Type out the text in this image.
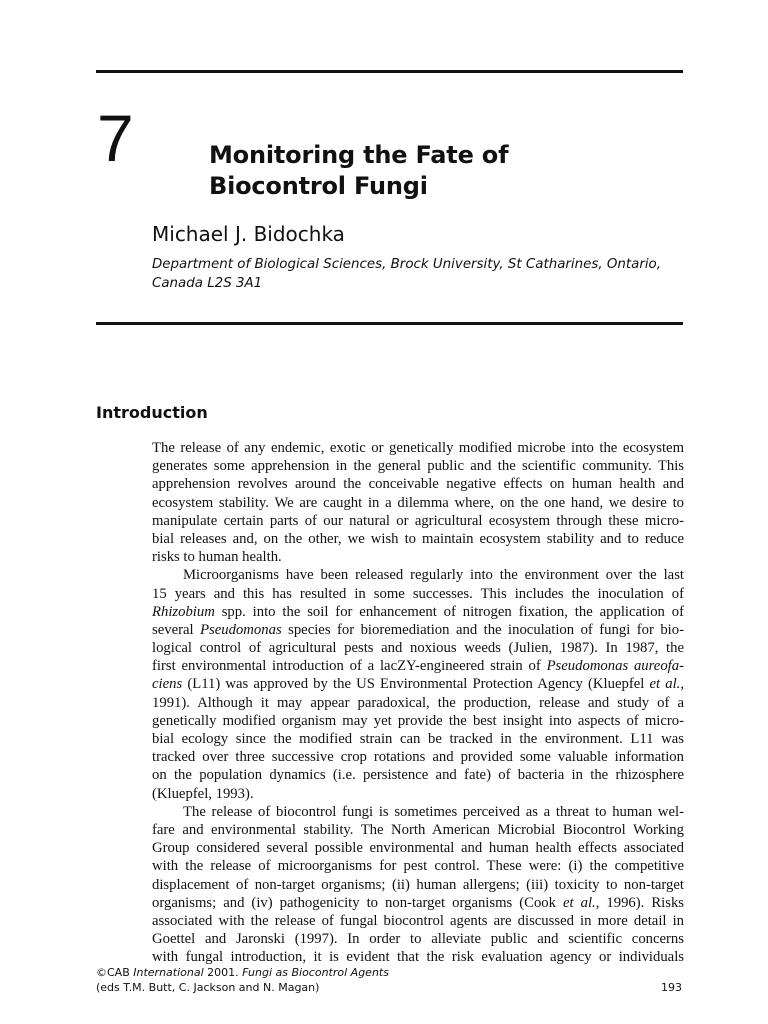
7	Monitoring the Fate of
Biocontrol Fungi
Michael J. Bidochka
Department of Biological Sciences, Brock University, St Catharines, Ontario,
Canada L2S 3A1
Introduction
The release of any endemic, exotic or genetically modified microbe into the ecosystem
generates some apprehension in the general public and the scientific community. This
apprehension revolves around the conceivable negative effects on human health and
ecosystem stability. We are caught in a dilemma where, on the one hand, we desire to
manipulate certain parts of our natural or agricultural ecosystem through these micro-
bial releases and, on the other, we wish to maintain ecosystem stability and to reduce
risks to human health.
Microorganisms have been released regularly into the environment over the last
15 years and this has resulted in some successes. This includes the inoculation of
Rhizobium spp. into the soil for enhancement of nitrogen fixation, the application of
several Pseudomonas species for bioremediation and the inoculation of fungi for bio-
logical control of agricultural pests and noxious weeds (Julien, 1987). In 1987, the
first environmental introduction of a lacZY-engineered strain of Pseudomonas aureofa-
ciens (L11) was approved by the US Environmental Protection Agency (Kluepfel et al.,
1991). Although it may appear paradoxical, the production, release and study of a
genetically modified organism may yet provide the best insight into aspects of micro-
bial ecology since the modified strain can be tracked in the environment. L11 was
tracked over three successive crop rotations and provided some valuable information
on the population dynamics (i.e. persistence and fate) of bacteria in the rhizosphere
(Kluepfel, 1993).
The release of biocontrol fungi is sometimes perceived as a threat to human wel-
fare and environmental stability. The North American Microbial Biocontrol Working
Group considered several possible environmental and human health effects associated
with the release of microorganisms for pest control. These were: (i) the competitive
displacement of non-target organisms; (ii) human allergens; (iii) toxicity to non-target
organisms; and (iv) pathogenicity to non-target organisms (Cook et al., 1996). Risks
associated with the release of fungal biocontrol agents are discussed in more detail in
Goettel and Jaronski (1997). In order to alleviate public and scientific concerns
with fungal introduction, it is evident that the risk evaluation agency or individuals
©CAB International 2001. Fungi as Biocontrol Agents
(eds T.M. Butt, C. Jackson and N. Magan)	193
